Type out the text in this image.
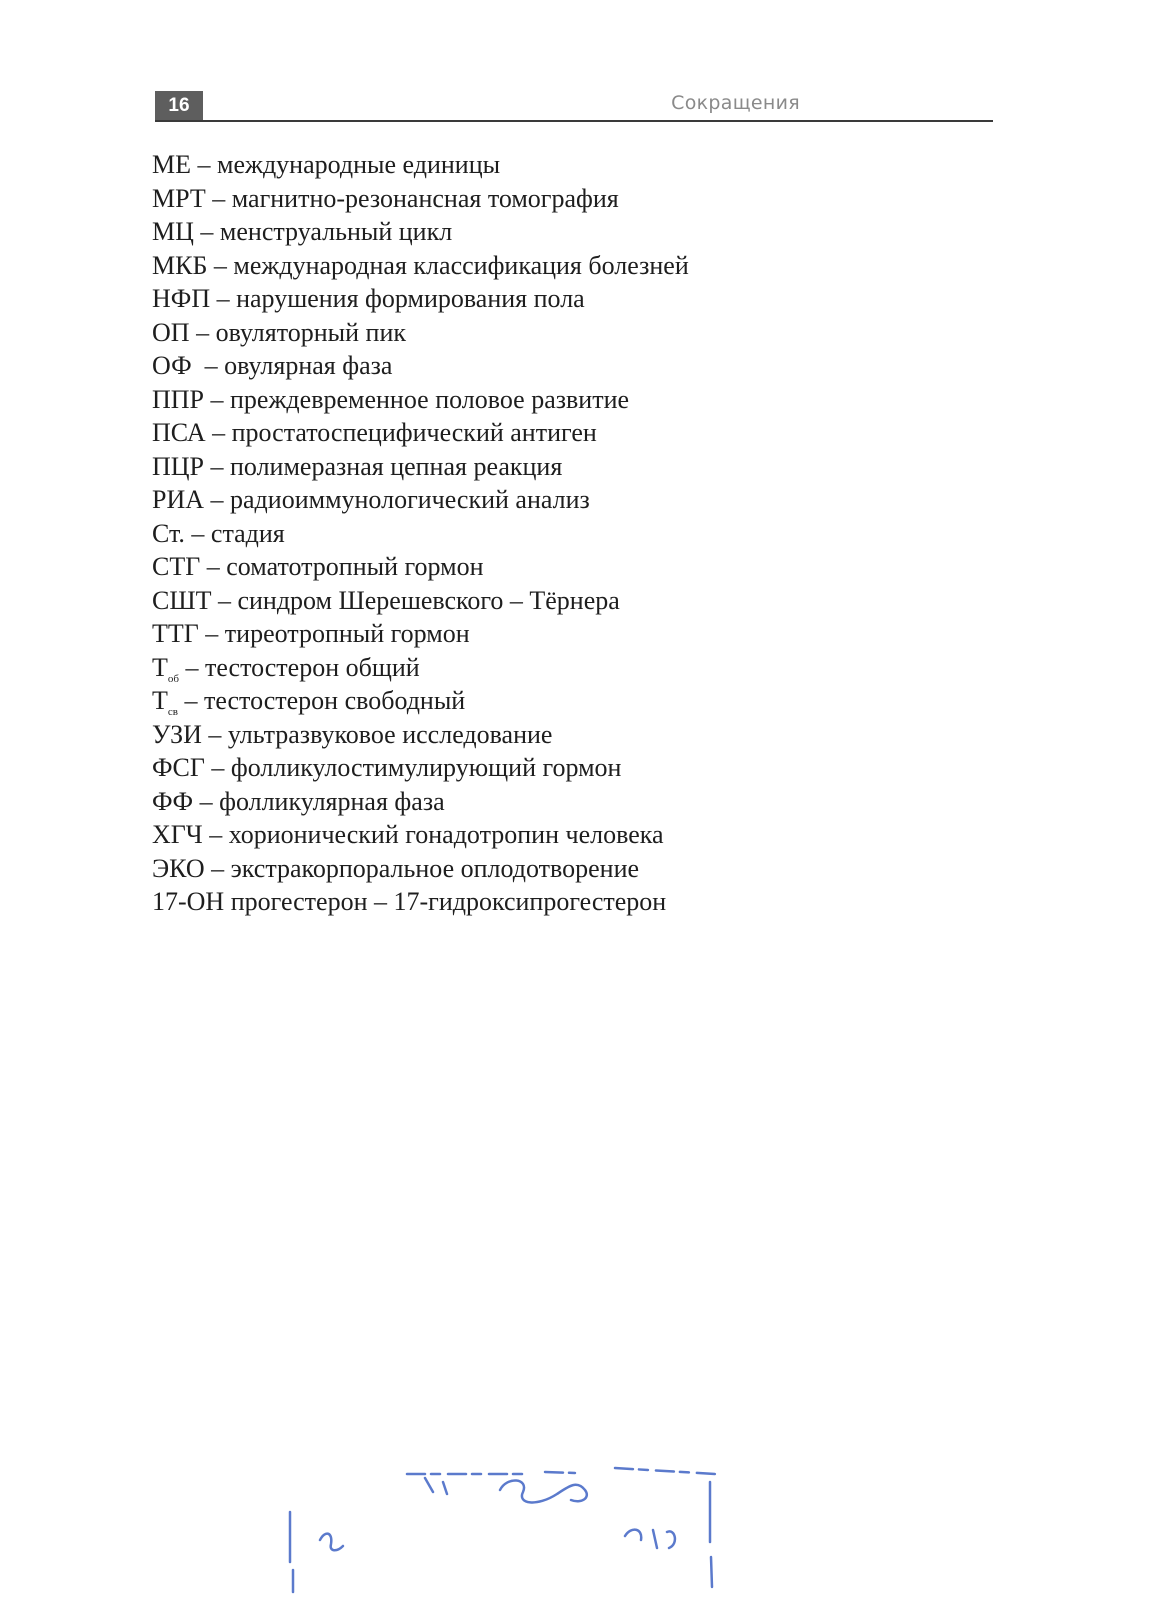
16	Сокращения
МЕ – международные единицы
МРТ – магнитно-резонансная томография
МЦ – менструальный цикл
МКБ – международная классификация болезней
НФП – нарушения формирования пола
ОП – овуляторный пик
ОФ  – овулярная фаза
ППР – преждевременное половое развитие
ПСА – простатоспецифический антиген
ПЦР – полимеразная цепная реакция
РИА – радиоиммунологический анализ
Ст. – стадия
СТГ – соматотропный гормон
СШТ – синдром Шерешевского – Тёрнера
ТТГ – тиреотропный гормон
$Т_{об}$ – тестостерон общий
$Т_{св}$ – тестостерон свободный
УЗИ – ультразвуковое исследование
ФСГ – фолликулостимулирующий гормон
ФФ – фолликулярная фаза
ХГЧ – хорионический гонадотропин человека
ЭКО – экстракорпоральное оплодотворение
17-ОН прогестерон – 17-гидроксипрогестерон
